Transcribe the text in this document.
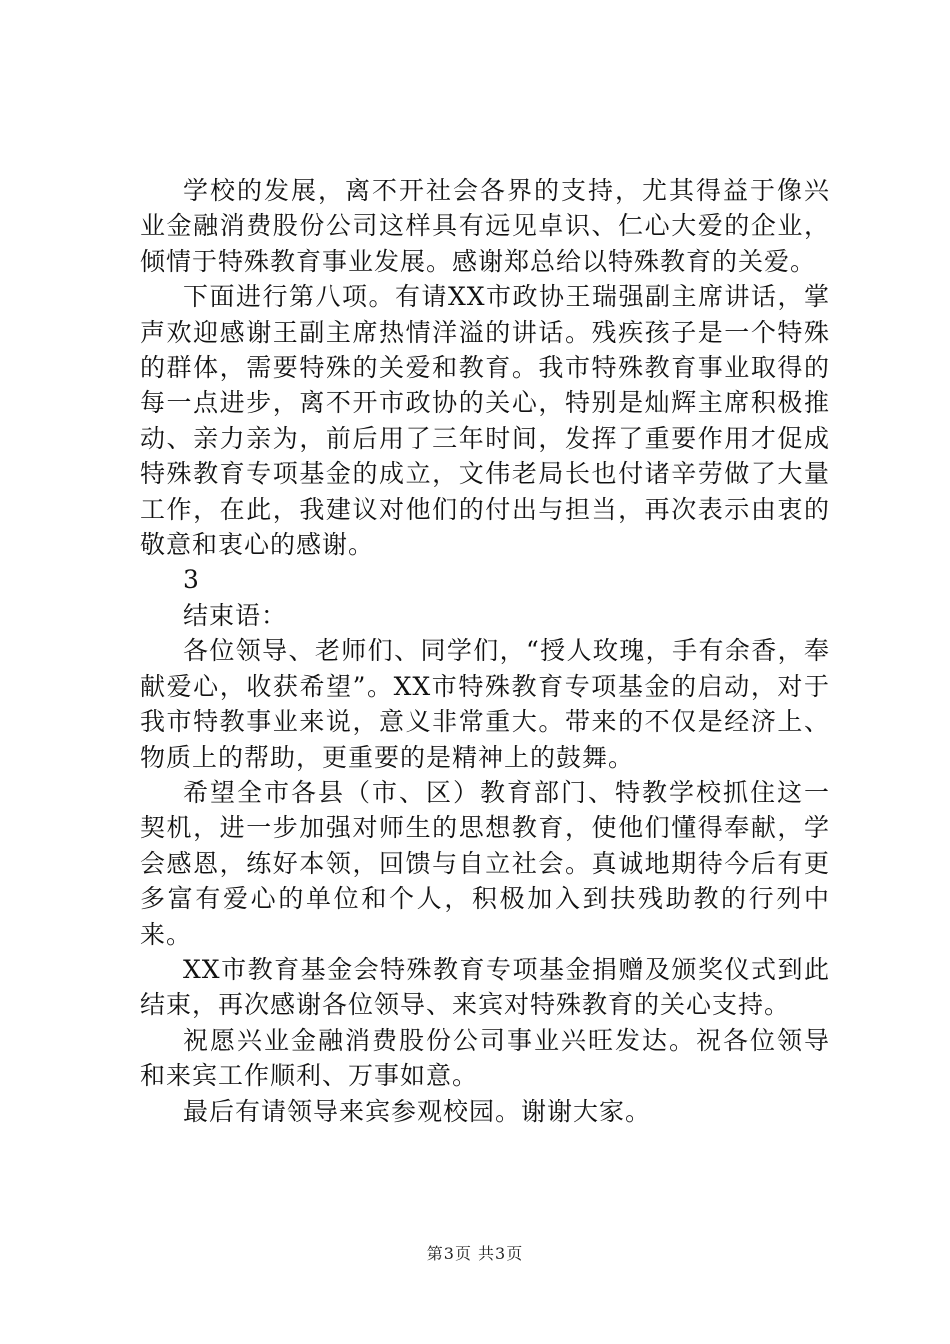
学校的发展，离不开社会各界的支持，尤其得益于像兴业金融消费股份公司这样具有远见卓识、仁心大爱的企业，倾情于特殊教育事业发展。感谢郑总给以特殊教育的关爱。

下面进行第八项。有请XX市政协王瑞强副主席讲话，掌声欢迎感谢王副主席热情洋溢的讲话。残疾孩子是一个特殊的群体，需要特殊的关爱和教育。我市特殊教育事业取得的每一点进步，离不开市政协的关心，特别是灿辉主席积极推动、亲力亲为，前后用了三年时间，发挥了重要作用才促成特殊教育专项基金的成立，文伟老局长也付诸辛劳做了大量工作，在此，我建议对他们的付出与担当，再次表示由衷的敬意和衷心的感谢。

3

结束语：

各位领导、老师们、同学们，“授人玫瑰，手有余香，奉献爱心，收获希望”。XX市特殊教育专项基金的启动，对于我市特教事业来说，意义非常重大。带来的不仅是经济上、物质上的帮助，更重要的是精神上的鼓舞。

希望全市各县（市、区）教育部门、特教学校抓住这一契机，进一步加强对师生的思想教育，使他们懂得奉献，学会感恩，练好本领，回馈与自立社会。真诚地期待今后有更多富有爱心的单位和个人，积极加入到扶残助教的行列中来。

XX市教育基金会特殊教育专项基金捐赠及颁奖仪式到此结束，再次感谢各位领导、来宾对特殊教育的关心支持。

祝愿兴业金融消费股份公司事业兴旺发达。祝各位领导和来宾工作顺利、万事如意。

最后有请领导来宾参观校园。谢谢大家。

第3页 共3页
